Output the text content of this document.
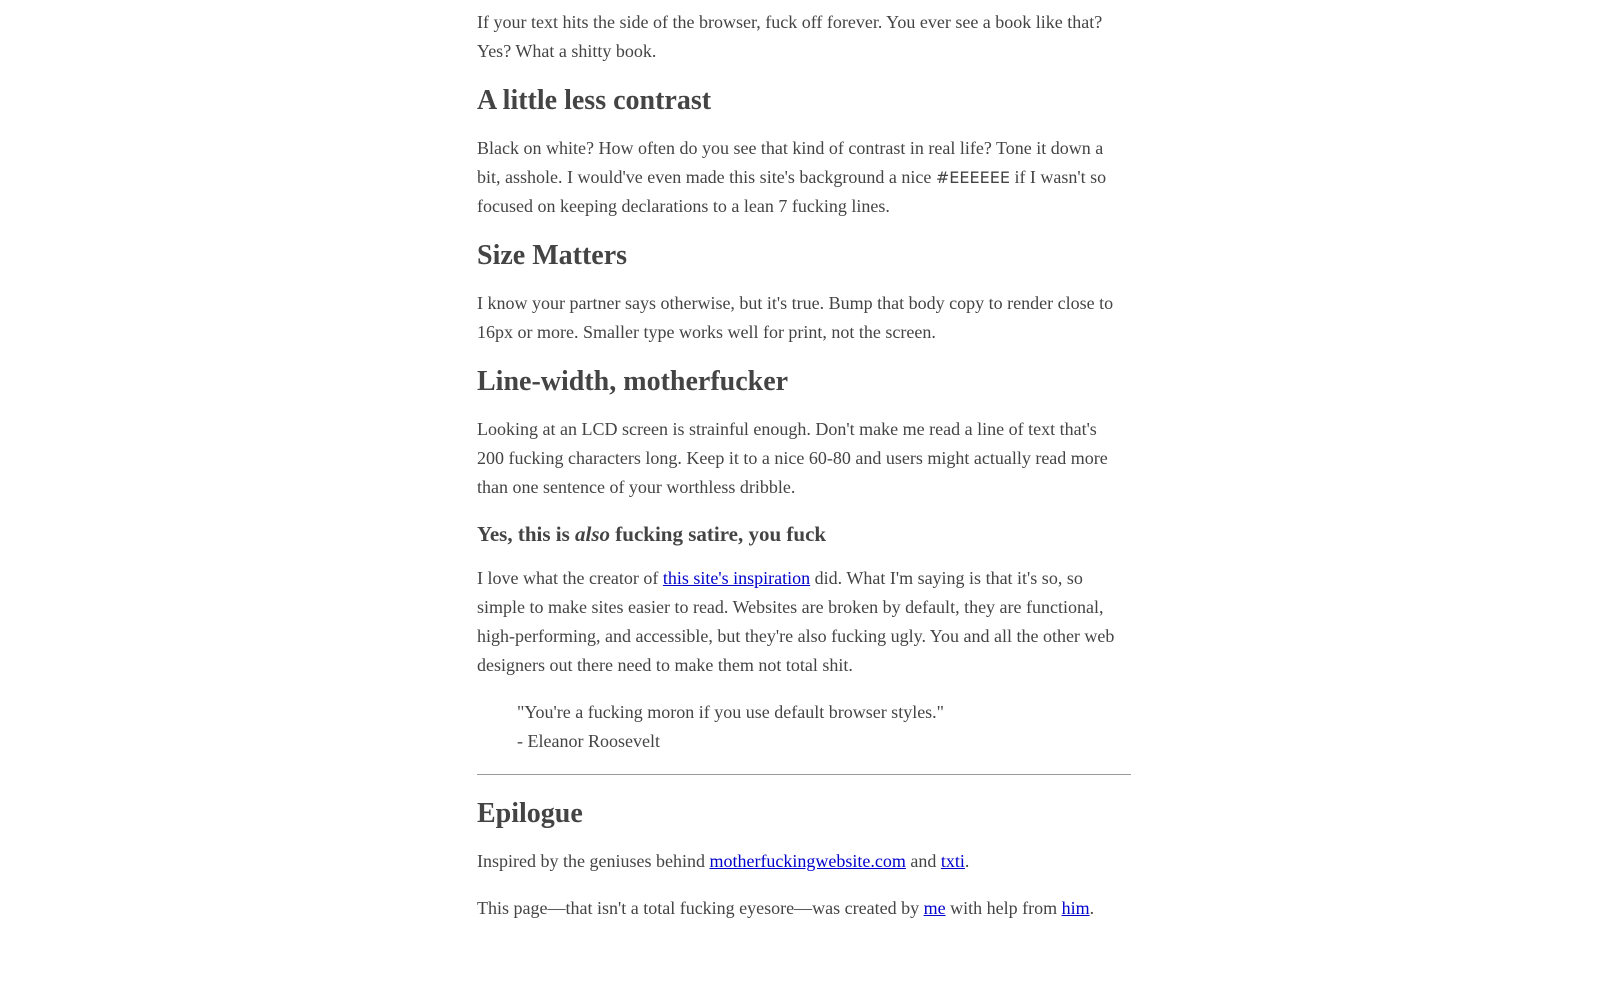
If your text hits the side of the browser, fuck off forever. You ever see a book like that? Yes? What a shitty book.

A little less contrast

Black on white? How often do you see that kind of contrast in real life? Tone it down a bit, asshole. I would've even made this site's background a nice #EEEEEE if I wasn't so focused on keeping declarations to a lean 7 fucking lines.

Size Matters

I know your partner says otherwise, but it's true. Bump that body copy to render close to 16px or more. Smaller type works well for print, not the screen.

Line-width, motherfucker

Looking at an LCD screen is strainful enough. Don't make me read a line of text that's 200 fucking characters long. Keep it to a nice 60-80 and users might actually read more than one sentence of your worthless dribble.

Yes, this is also fucking satire, you fuck

I love what the creator of this site's inspiration did. What I'm saying is that it's so, so simple to make sites easier to read. Websites are broken by default, they are functional, high-performing, and accessible, but they're also fucking ugly. You and all the other web designers out there need to make them not total shit.

"You're a fucking moron if you use default browser styles."
- Eleanor Roosevelt
Epilogue

Inspired by the geniuses behind motherfuckingwebsite.com and txti.

This page—that isn't a total fucking eyesore—was created by me with help from him.
